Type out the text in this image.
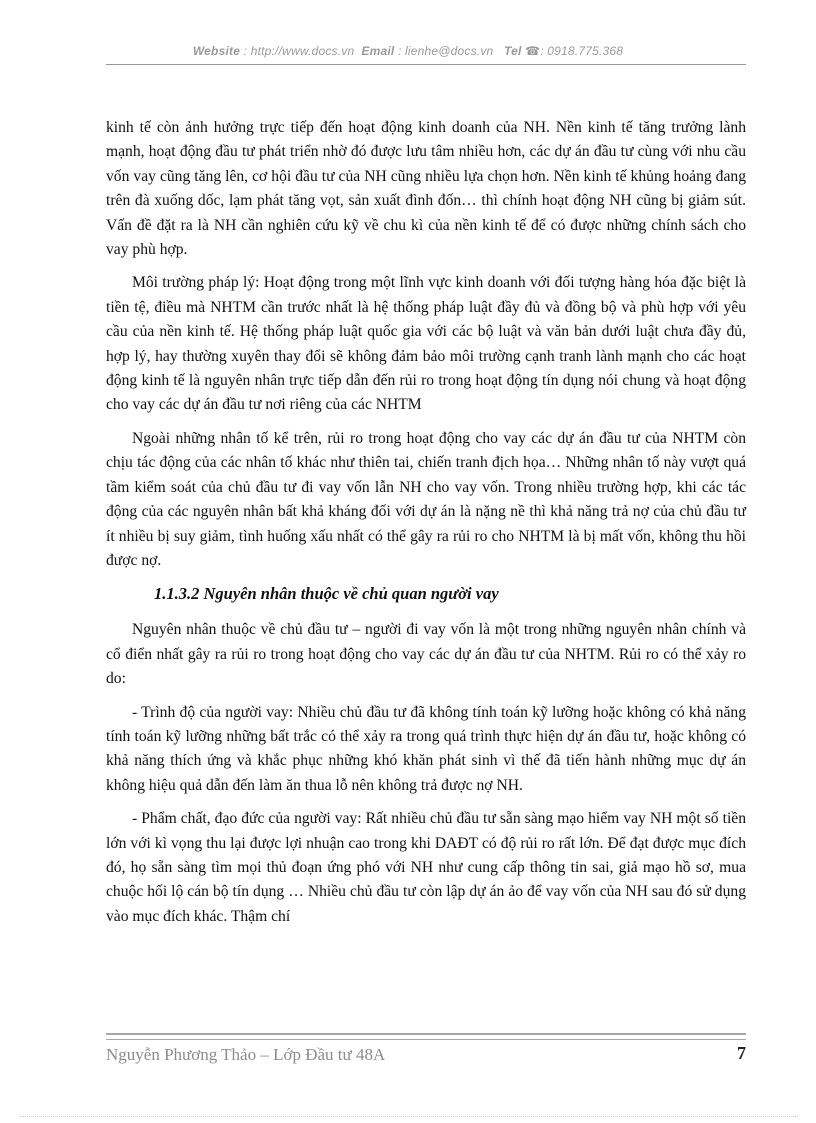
Website : http://www.docs.vn Email : lienhe@docs.vn Tel ☎: 0918.775.368

kinh tế còn ảnh hưởng trực tiếp đến hoạt động kinh doanh của NH. Nền kinh tế tăng trưởng lành mạnh, hoạt động đầu tư phát triển nhờ đó được lưu tâm nhiều hơn, các dự án đầu tư cùng với nhu cầu vốn vay cũng tăng lên, cơ hội đầu tư của NH cũng nhiều lựa chọn hơn. Nền kinh tế khủng hoảng đang trên đà xuống dốc, lạm phát tăng vọt, sản xuất đình đốn… thì chính hoạt động NH cũng bị giảm sút. Vấn đề đặt ra là NH cần nghiên cứu kỹ về chu kì của nền kinh tế để có được những chính sách cho vay phù hợp.

Môi trường pháp lý: Hoạt động trong một lĩnh vực kinh doanh với đối tượng hàng hóa đặc biệt là tiền tệ, điều mà NHTM cần trước nhất là hệ thống pháp luật đầy đủ và đồng bộ và phù hợp với yêu cầu của nền kinh tế. Hệ thống pháp luật quốc gia với các bộ luật và văn bản dưới luật chưa đầy đủ, hợp lý, hay thường xuyên thay đổi sẽ không đảm bảo môi trường cạnh tranh lành mạnh cho các hoạt động kinh tế là nguyên nhân trực tiếp dẫn đến rủi ro trong hoạt động tín dụng nói chung và hoạt động cho vay các dự án đầu tư nơi riêng của các NHTM

Ngoài những nhân tố kể trên, rủi ro trong hoạt động cho vay các dự án đầu tư của NHTM còn chịu tác động của các nhân tố khác như thiên tai, chiến tranh địch họa… Những nhân tố này vượt quá tầm kiểm soát của chủ đầu tư đi vay vốn lẫn NH cho vay vốn. Trong nhiều trường hợp, khi các tác động của các nguyên nhân bất khả kháng đối với dự án là nặng nề thì khả năng trả nợ của chủ đầu tư ít nhiều bị suy giảm, tình huống xấu nhất có thể gây ra rủi ro cho NHTM là bị mất vốn, không thu hồi được nợ.

1.1.3.2 Nguyên nhân thuộc về chủ quan người vay

Nguyên nhân thuộc về chủ đầu tư – người đi vay vốn là một trong những nguyên nhân chính và cổ điển nhất gây ra rủi ro trong hoạt động cho vay các dự án đầu tư của NHTM. Rủi ro có thể xảy ro do:

- Trình độ của người vay: Nhiều chủ đầu tư đã không tính toán kỹ lưỡng hoặc không có khả năng tính toán kỹ lưỡng những bất trắc có thể xảy ra trong quá trình thực hiện dự án đầu tư, hoặc không có khả năng thích ứng và khắc phục những khó khăn phát sinh vì thế đã tiến hành những mục dự án không hiệu quả dẫn đến làm ăn thua lỗ nên không trả được nợ NH.

- Phẩm chất, đạo đức của người vay: Rất nhiều chủ đầu tư sẵn sàng mạo hiểm vay NH một số tiền lớn với kì vọng thu lại được lợi nhuận cao trong khi DAĐT có độ rủi ro rất lớn. Để đạt được mục đích đó, họ sẵn sàng tìm mọi thủ đoạn ứng phó với NH như cung cấp thông tin sai, giả mạo hồ sơ, mua chuộc hối lộ cán bộ tín dụng … Nhiều chủ đầu tư còn lập dự án ảo để vay vốn của NH sau đó sử dụng vào mục đích khác. Thậm chí

Nguyễn Phương Thảo – Lớp Đầu tư 48A	7
